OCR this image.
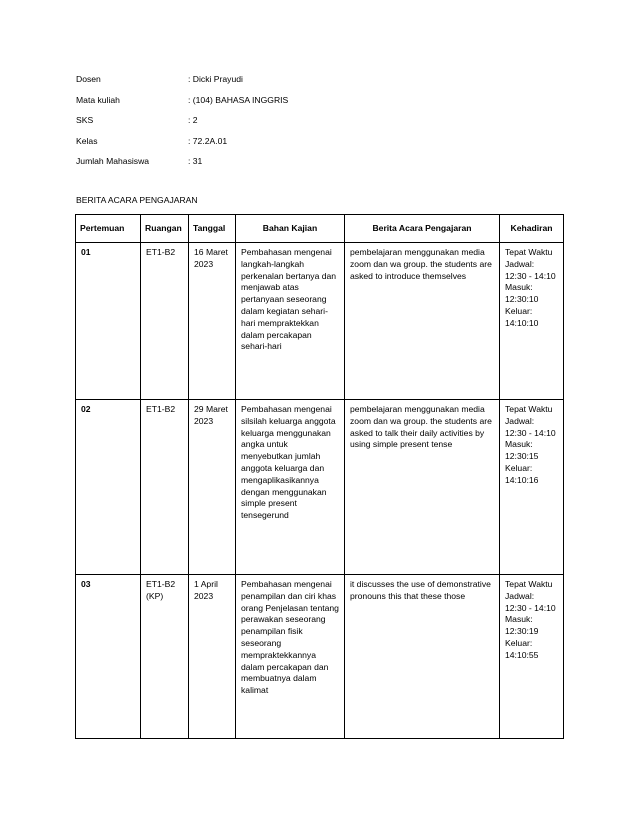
Dosen	: Dicki Prayudi
Mata kuliah	: (104) BAHASA INGGRIS
SKS	: 2
Kelas	: 72.2A.01
Jumlah Mahasiswa	: 31
BERITA ACARA PENGAJARAN
Pertemuan	Ruangan	Tanggal	Bahan Kajian	Berita Acara Pengajaran	Kehadiran
01	ET1-B2	16 Maret 2023	Pembahasan mengenai langkah-langkah perkenalan bertanya dan menjawab atas pertanyaan seseorang dalam kegiatan sehari-hari mempraktekkan dalam percakapan sehari-hari	pembelajaran menggunakan media zoom dan wa group. the students are asked to introduce themselves	Tepat Waktu Jadwal: 12:30 - 14:10 Masuk: 12:30:10 Keluar: 14:10:10
02	ET1-B2	29 Maret 2023	Pembahasan mengenai silsilah keluarga anggota keluarga menggunakan angka untuk menyebutkan jumlah anggota keluarga dan mengaplikasikannya dengan menggunakan simple present tensegerund	pembelajaran menggunakan media zoom dan wa group. the students are asked to talk their daily activities by using simple present tense	Tepat Waktu Jadwal: 12:30 - 14:10 Masuk: 12:30:15 Keluar: 14:10:16
03	ET1-B2 (KP)	1 April 2023	Pembahasan mengenai penampilan dan ciri khas orang Penjelasan tentang perawakan seseorang penampilan fisik seseorang mempraktekkannya dalam percakapan dan membuatnya dalam kalimat	it discusses the use of demonstrative pronouns this that these those	Tepat Waktu Jadwal: 12:30 - 14:10 Masuk: 12:30:19 Keluar: 14:10:55
